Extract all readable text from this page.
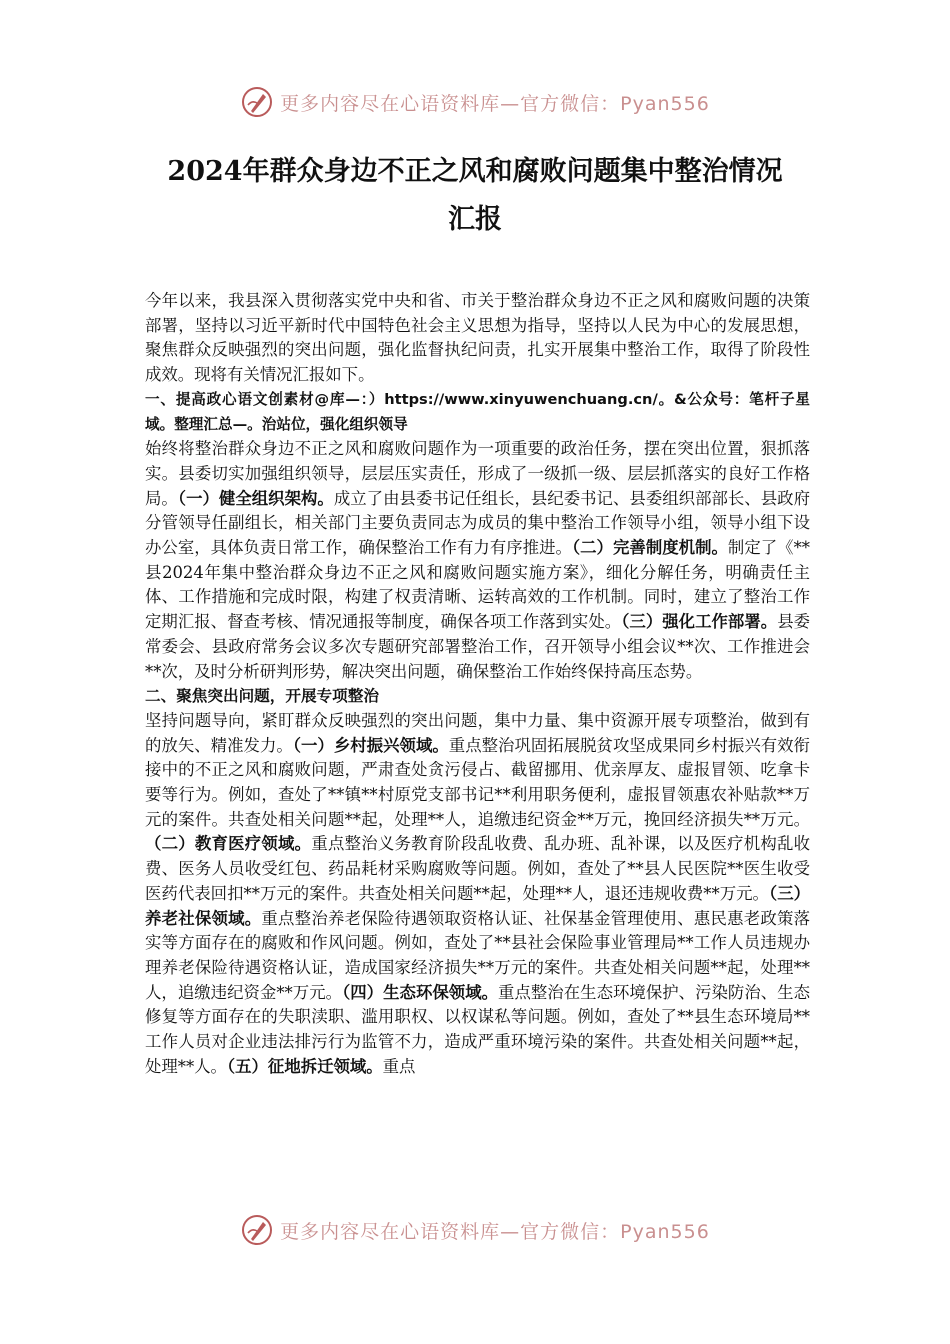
更多内容尽在心语资料库—官方微信：Pyan556
2024年群众身边不正之风和腐败问题集中整治情况
汇报

今年以来，我县深入贯彻落实党中央和省、市关于整治群众身边不正之风和腐败问题的决策部署，坚持以习近平新时代中国特色社会主义思想为指导，坚持以人民为中心的发展思想，聚焦群众反映强烈的突出问题，强化监督执纪问责，扎实开展集中整治工作，取得了阶段性成效。现将有关情况汇报如下。

一、提高政心语文创素材@库—：）https://www.xinyuwenchuang.cn/。&公众号：笔杆子星域。整理汇总—。治站位，强化组织领导

始终将整治群众身边不正之风和腐败问题作为一项重要的政治任务，摆在突出位置，狠抓落实。县委切实加强组织领导，层层压实责任，形成了一级抓一级、层层抓落实的良好工作格局。（一）健全组织架构。成立了由县委书记任组长，县纪委书记、县委组织部部长、县政府分管领导任副组长，相关部门主要负责同志为成员的集中整治工作领导小组，领导小组下设办公室，具体负责日常工作，确保整治工作有力有序推进。（二）完善制度机制。制定了《**县2024年集中整治群众身边不正之风和腐败问题实施方案》，细化分解任务，明确责任主体、工作措施和完成时限，构建了权责清晰、运转高效的工作机制。同时，建立了整治工作定期汇报、督查考核、情况通报等制度，确保各项工作落到实处。（三）强化工作部署。县委常委会、县政府常务会议多次专题研究部署整治工作，召开领导小组会议**次、工作推进会**次，及时分析研判形势，解决突出问题，确保整治工作始终保持高压态势。

二、聚焦突出问题，开展专项整治

坚持问题导向，紧盯群众反映强烈的突出问题，集中力量、集中资源开展专项整治，做到有的放矢、精准发力。（一）乡村振兴领域。重点整治巩固拓展脱贫攻坚成果同乡村振兴有效衔接中的不正之风和腐败问题，严肃查处贪污侵占、截留挪用、优亲厚友、虚报冒领、吃拿卡要等行为。例如，查处了**镇**村原党支部书记**利用职务便利，虚报冒领惠农补贴款**万元的案件。共查处相关问题**起，处理**人，追缴违纪资金**万元，挽回经济损失**万元。（二）教育医疗领域。重点整治义务教育阶段乱收费、乱办班、乱补课，以及医疗机构乱收费、医务人员收受红包、药品耗材采购腐败等问题。例如，查处了**县人民医院**医生收受医药代表回扣**万元的案件。共查处相关问题**起，处理**人，退还违规收费**万元。（三）养老社保领域。重点整治养老保险待遇领取资格认证、社保基金管理使用、惠民惠老政策落实等方面存在的腐败和作风问题。例如，查处了**县社会保险事业管理局**工作人员违规办理养老保险待遇资格认证，造成国家经济损失**万元的案件。共查处相关问题**起，处理**人，追缴违纪资金**万元。（四）生态环保领域。重点整治在生态环境保护、污染防治、生态修复等方面存在的失职渎职、滥用职权、以权谋私等问题。例如，查处了**县生态环境局**工作人员对企业违法排污行为监管不力，造成严重环境污染的案件。共查处相关问题**起，处理**人。（五）征地拆迁领域。重点

更多内容尽在心语资料库—官方微信：Pyan556
